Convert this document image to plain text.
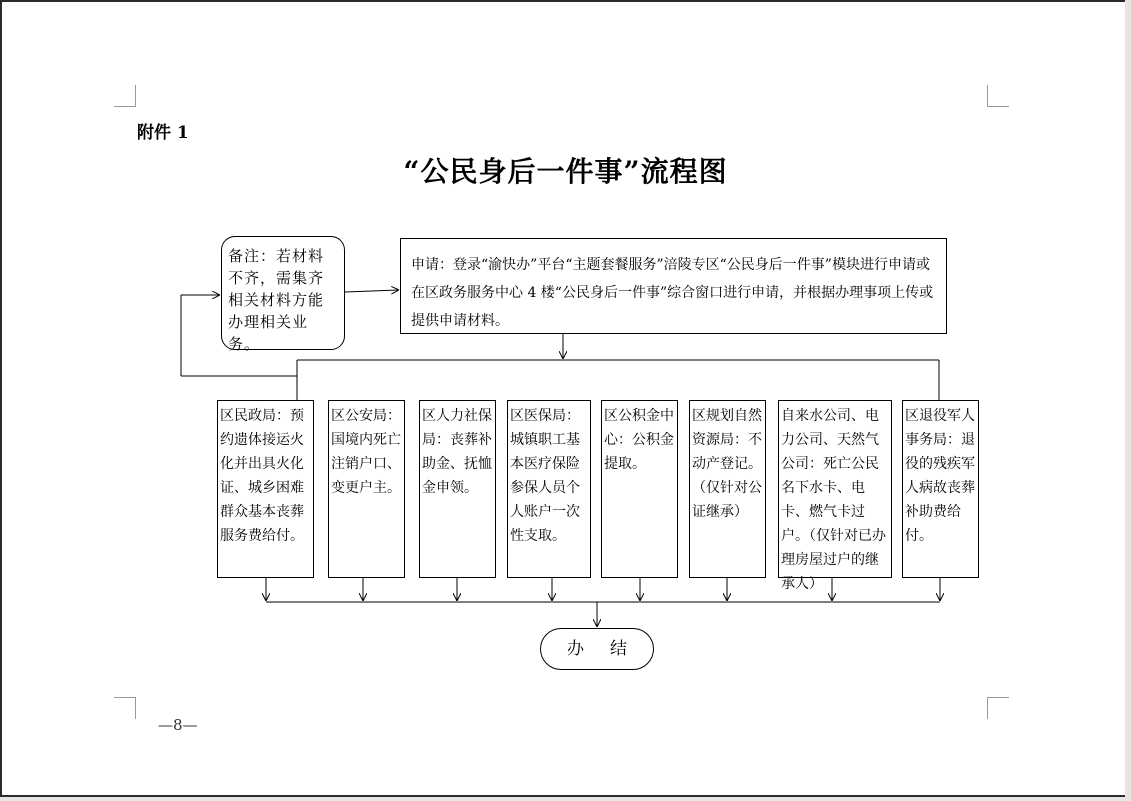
附件 1
“公民身后一件事”流程图
备注：若材料不齐，需集齐相关材料方能办理相关业务。
申请：登录“渝快办”平台“主题套餐服务”涪陵专区“公民身后一件事”模块进行申请或在区政务服务中心 4 楼“公民身后一件事”综合窗口进行申请，并根据办理事项上传或提供申请材料。
区民政局：预约遗体接运火化并出具火化证、城乡困难群众基本丧葬服务费给付。
区公安局：国境内死亡注销户口、变更户主。
区人力社保局：丧葬补助金、抚恤金申领。
区医保局：城镇职工基本医疗保险参保人员个人账户一次性支取。
区公积金中心：公积金提取。
区规划自然资源局：不动产登记。（仅针对公证继承）
自来水公司、电力公司、天然气公司：死亡公民名下水卡、电卡、燃气卡过户。（仅针对已办理房屋过户的继承人）
区退役军人事务局：退役的残疾军人病故丧葬补助费给付。
办结
—8—
